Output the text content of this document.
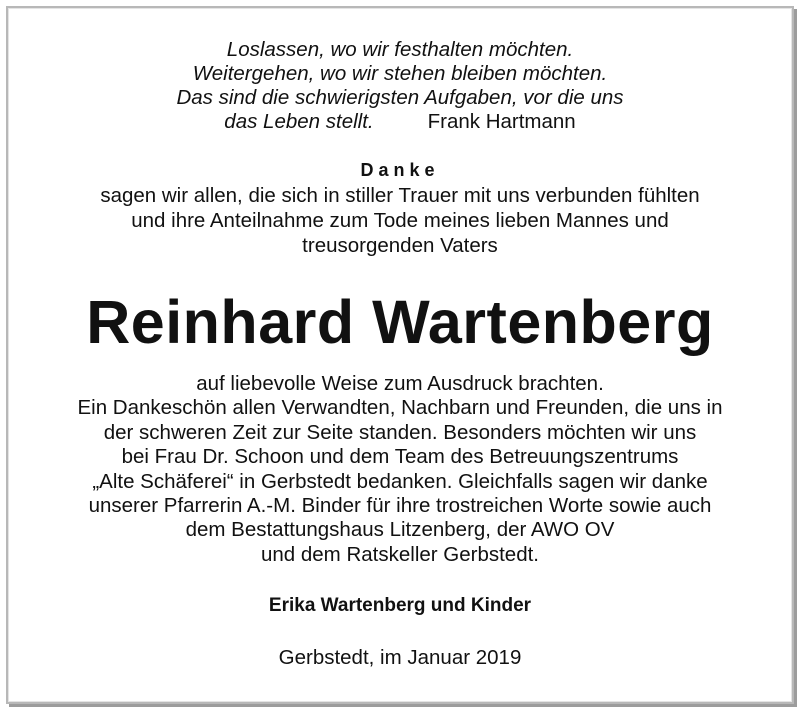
Loslassen, wo wir festhalten möchten.
Weitergehen, wo wir stehen bleiben möchten.
Das sind die schwierigsten Aufgaben, vor die uns
das Leben stellt.	Frank Hartmann
Danke
sagen wir allen, die sich in stiller Trauer mit uns verbunden fühlten
und ihre Anteilnahme zum Tode meines lieben Mannes und
treusorgenden Vaters
Reinhard Wartenberg
auf liebevolle Weise zum Ausdruck brachten.
Ein Dankeschön allen Verwandten, Nachbarn und Freunden, die uns in
der schweren Zeit zur Seite standen. Besonders möchten wir uns
bei Frau Dr. Schoon und dem Team des Betreuungszentrums
„Alte Schäferei“ in Gerbstedt bedanken. Gleichfalls sagen wir danke
unserer Pfarrerin A.-M. Binder für ihre trostreichen Worte sowie auch
dem Bestattungshaus Litzenberg, der AWO OV
und dem Ratskeller Gerbstedt.
Erika Wartenberg und Kinder
Gerbstedt, im Januar 2019
